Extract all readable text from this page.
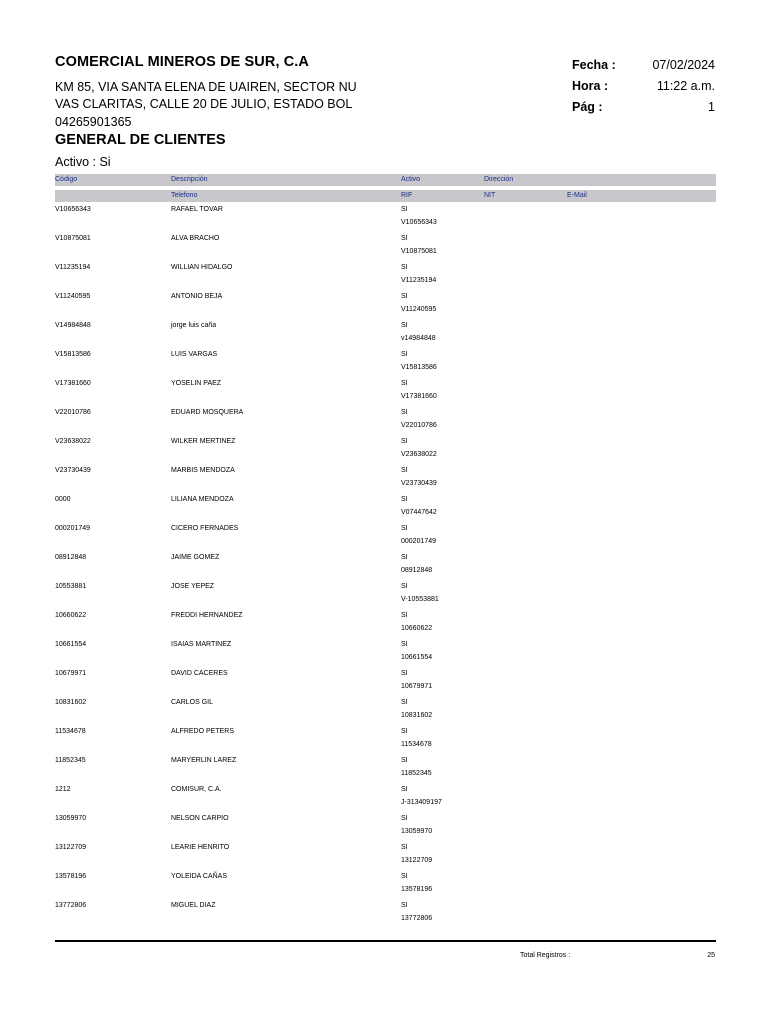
COMERCIAL MINEROS DE SUR, C.A
KM 85, VIA SANTA ELENA DE UAIREN, SECTOR NU
VAS CLARITAS, CALLE 20 DE JULIO, ESTADO BOL
04265901365
GENERAL DE CLIENTES
Activo : Si
Fecha :	07/02/2024
Hora :	11:22 a.m.
Pág :	1
Código	Descripción	Activo	Dirección
Telefono	RIF	NIT	E-Mail
V10656343	RAFAEL TOVAR	SI
V10656343
V10875081	ALVA BRACHO	SI
V10875081
V11235194	WILLIAN HIDALGO	SI
V11235194
V11240595	ANTONIO BEJA	SI
V11240595
V14984848	jorge luis caña	SI
v14984848
V15813586	LUIS VARGAS	SI
V15813586
V17381660	YOSELIN PAEZ	SI
V17381660
V22010786	EDUARD MOSQUERA	SI
V22010786
V23638022	WILKER MERTINEZ	SI
V23638022
V23730439	MARBIS MENDOZA	SI
V23730439
0000	LILIANA MENDOZA	SI
V07447642
000201749	CICERO FERNADES	SI
000201749
08912848	JAIME GOMEZ	SI
08912848
10553881	JOSE YEPEZ	SI
V-10553881
10660622	FREDDI HERNANDEZ	SI
10660622
10661554	ISAIAS MARTINEZ	SI
10661554
10679971	DAVID CACERES	SI
10679971
10831602	CARLOS GIL	SI
10831602
11534678	ALFREDO PETERS	SI
11534678
11852345	MARYERLIN LAREZ	SI
11852345
1212	COMISUR, C.A.	SI
J-313409197
13059970	NELSON CARPIO	SI
13059970
13122709	LEARIE HENRITO	SI
13122709
13578196	YOLEIDA CAÑAS	SI
13578196
13772806	MIGUEL DIAZ	SI
13772806
Total Registros :	25
